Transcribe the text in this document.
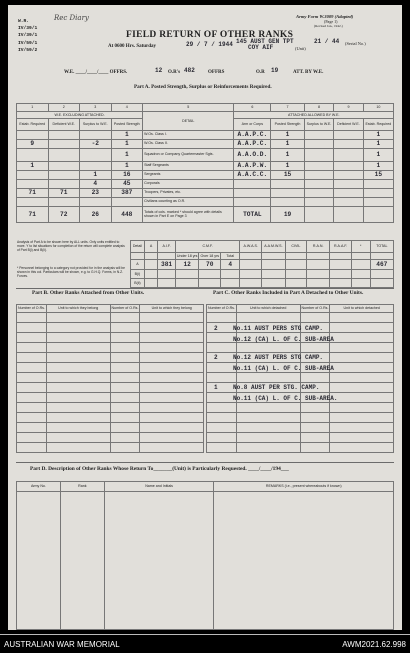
W.R.
IV/39/1
IV/39/1
IV/59/1
IV/59/2
Rec Diary	Army Form W.3009 (Adapted)
(Page 1)
(Revised Jan., 1942.)
FIELD RETURN OF OTHER RANKS
At 0600 Hrs. Saturday	29 / 7 / 1944 145 AUST GEN TPT
COY AIF	(Unit)
21 / 44 (Serial No.)
W.E. ____/____/____ OFFRS.	12 O.R's 482	OFFRS	O.R 19	ATT. BY W.E.
Part A. Posted Strength, Surplus or Reinforcements Required.
1	2	3	4	5	6	7	8	9	10
W.E. EXCLUDING ATTACHED.				DETAIL	ATTACHED ALLOWED BY W.E.				
Estab. Required	Deficient W.E.	Surplus to W.E.	Posted Strength		Arm or Corps	Posted Strength	Surplus to W.E.	Deficient W.E.	Estab. Required
			1	W.Os. Class I.	A.A.P.C.	1			1
9		-2	1	W.Os. Class II.	A.A.P.C.	1			1
			1	Squadron or Company Quartermaster Sgts.	A.A.O.D.	1			1
1			1	Staff Sergeants	A.A.P.W.	1			1
		1	16	Sergeants	A.A.C.C.	15			15
		4	45	Corporals					
71	71	23	387	Troopers, Privates, etc.					
				Civilians counting as O.R.					
71	72	26	448	Totals of cols. marked * should agree with details shown in Part E on Page 3	TOTAL	19			
Analysis of Part A to be shown here by ALL units. Only units entitled to more. Y to list situations for completion of the return will complete analysis of Part B(i) and B(ii).
* Personnel belonging to a category not provided for in the analysis will be shown in this col. Particulars will be shown, e.g. to G.H.Q. Forms, in N.Z. Forces.
Detail	A	A.I.F.	C.M.F.			A.W.A.S.	A.A.M.W.S.	CIVIL	R.A.N.	R.A.A.F.	*	TOTAL
			Under 18 yrs	Over 18 yrs	Total							
A		381	12	70	4							467
B(i)												
B(ii)												
Part B. Other Ranks Attached from Other Units.	Part C. Other Ranks Included in Part A Detached to Other Units.
Number of O.Rs.	Unit to which they belong	Number of O.Rs.	Unit to which they belong

				Number of O.Rs.	Unit to which detached	Number of O.Rs.	Unit to which detached

2	No.11 AUST PERS STG CAMP.
No.12 (CA) L. OF C. SUB-AREA
2	No.12 AUST PERS STG CAMP.
No.11 (CA) L. OF C. SUB-AREA
1	No.8 AUST PER STG. CAMP.
No.11 (CA) L. OF C. SUB-AREA.
Part D. Description of Other Ranks Whose Return To_______(Unit) is Particularly Requested. ____/____/194___
Army No.	Rank	Name and Initials	REMARKS (i.e., present whereabouts if known)

AUSTRALIAN WAR MEMORIAL	AWM2021.62.998
